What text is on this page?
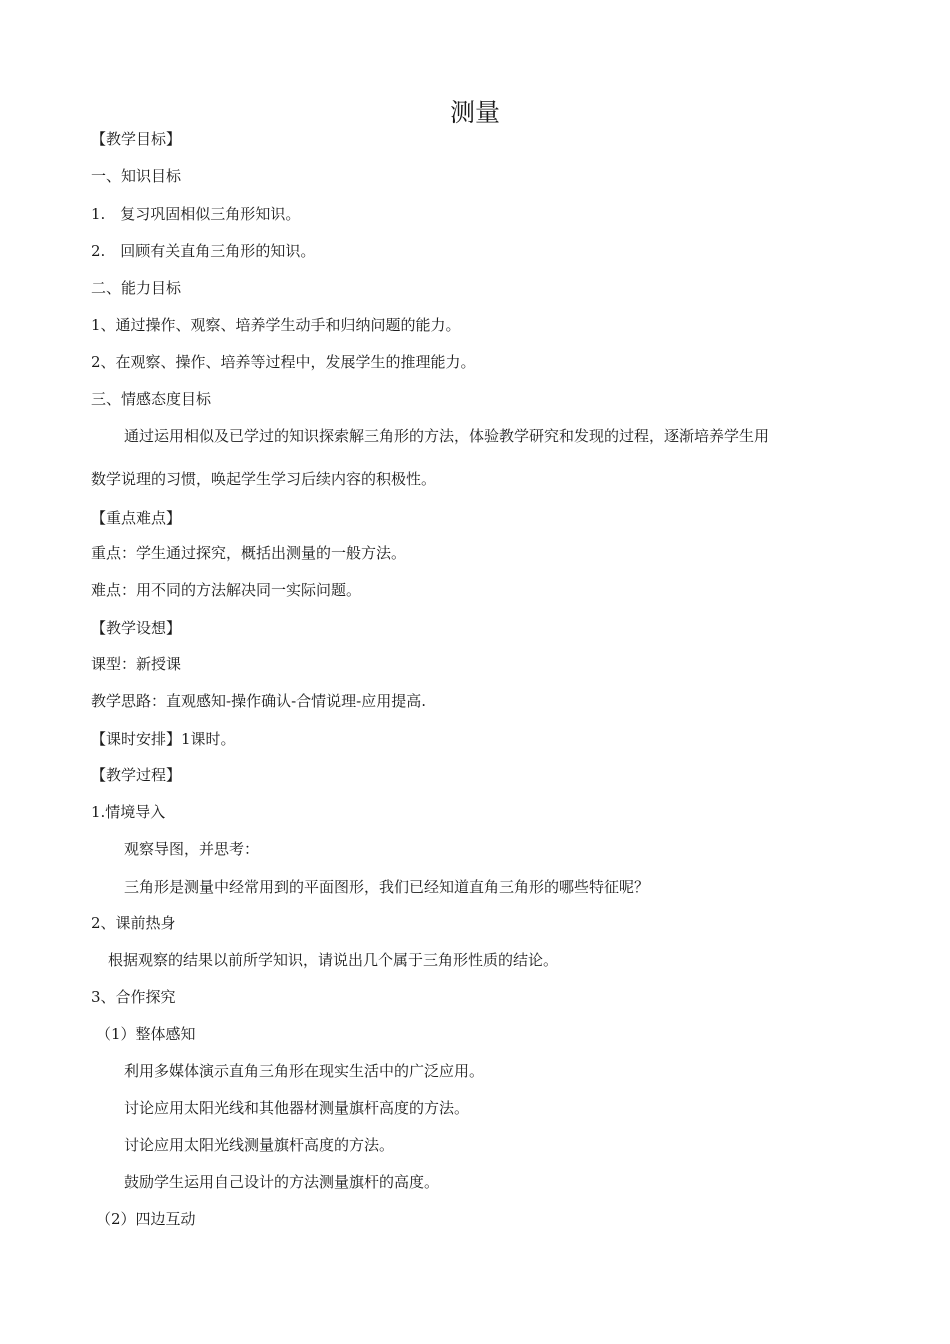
测量
【教学目标】
一、知识目标
1.　复习巩固相似三角形知识。
2.　回顾有关直角三角形的知识。
二、能力目标
1、通过操作、观察、培养学生动手和归纳问题的能力。
2、在观察、操作、培养等过程中，发展学生的推理能力。
三、情感态度目标
通过运用相似及已学过的知识探索解三角形的方法，体验教学研究和发现的过程，逐渐培养学生用
数学说理的习惯，唤起学生学习后续内容的积极性。
【重点难点】
重点：学生通过探究，概括出测量的一般方法。
难点：用不同的方法解决同一实际问题。
【教学设想】
课型：新授课
教学思路：直观感知-操作确认-合情说理-应用提高.
【课时安排】1课时。
【教学过程】
1.情境导入
观察导图，并思考：
三角形是测量中经常用到的平面图形，我们已经知道直角三角形的哪些特征呢？
2、课前热身
根据观察的结果以前所学知识，请说出几个属于三角形性质的结论。
3、合作探究
（1）整体感知
利用多媒体演示直角三角形在现实生活中的广泛应用。
讨论应用太阳光线和其他器材测量旗杆高度的方法。
讨论应用太阳光线测量旗杆高度的方法。
鼓励学生运用自己设计的方法测量旗杆的高度。
（2）四边互动
